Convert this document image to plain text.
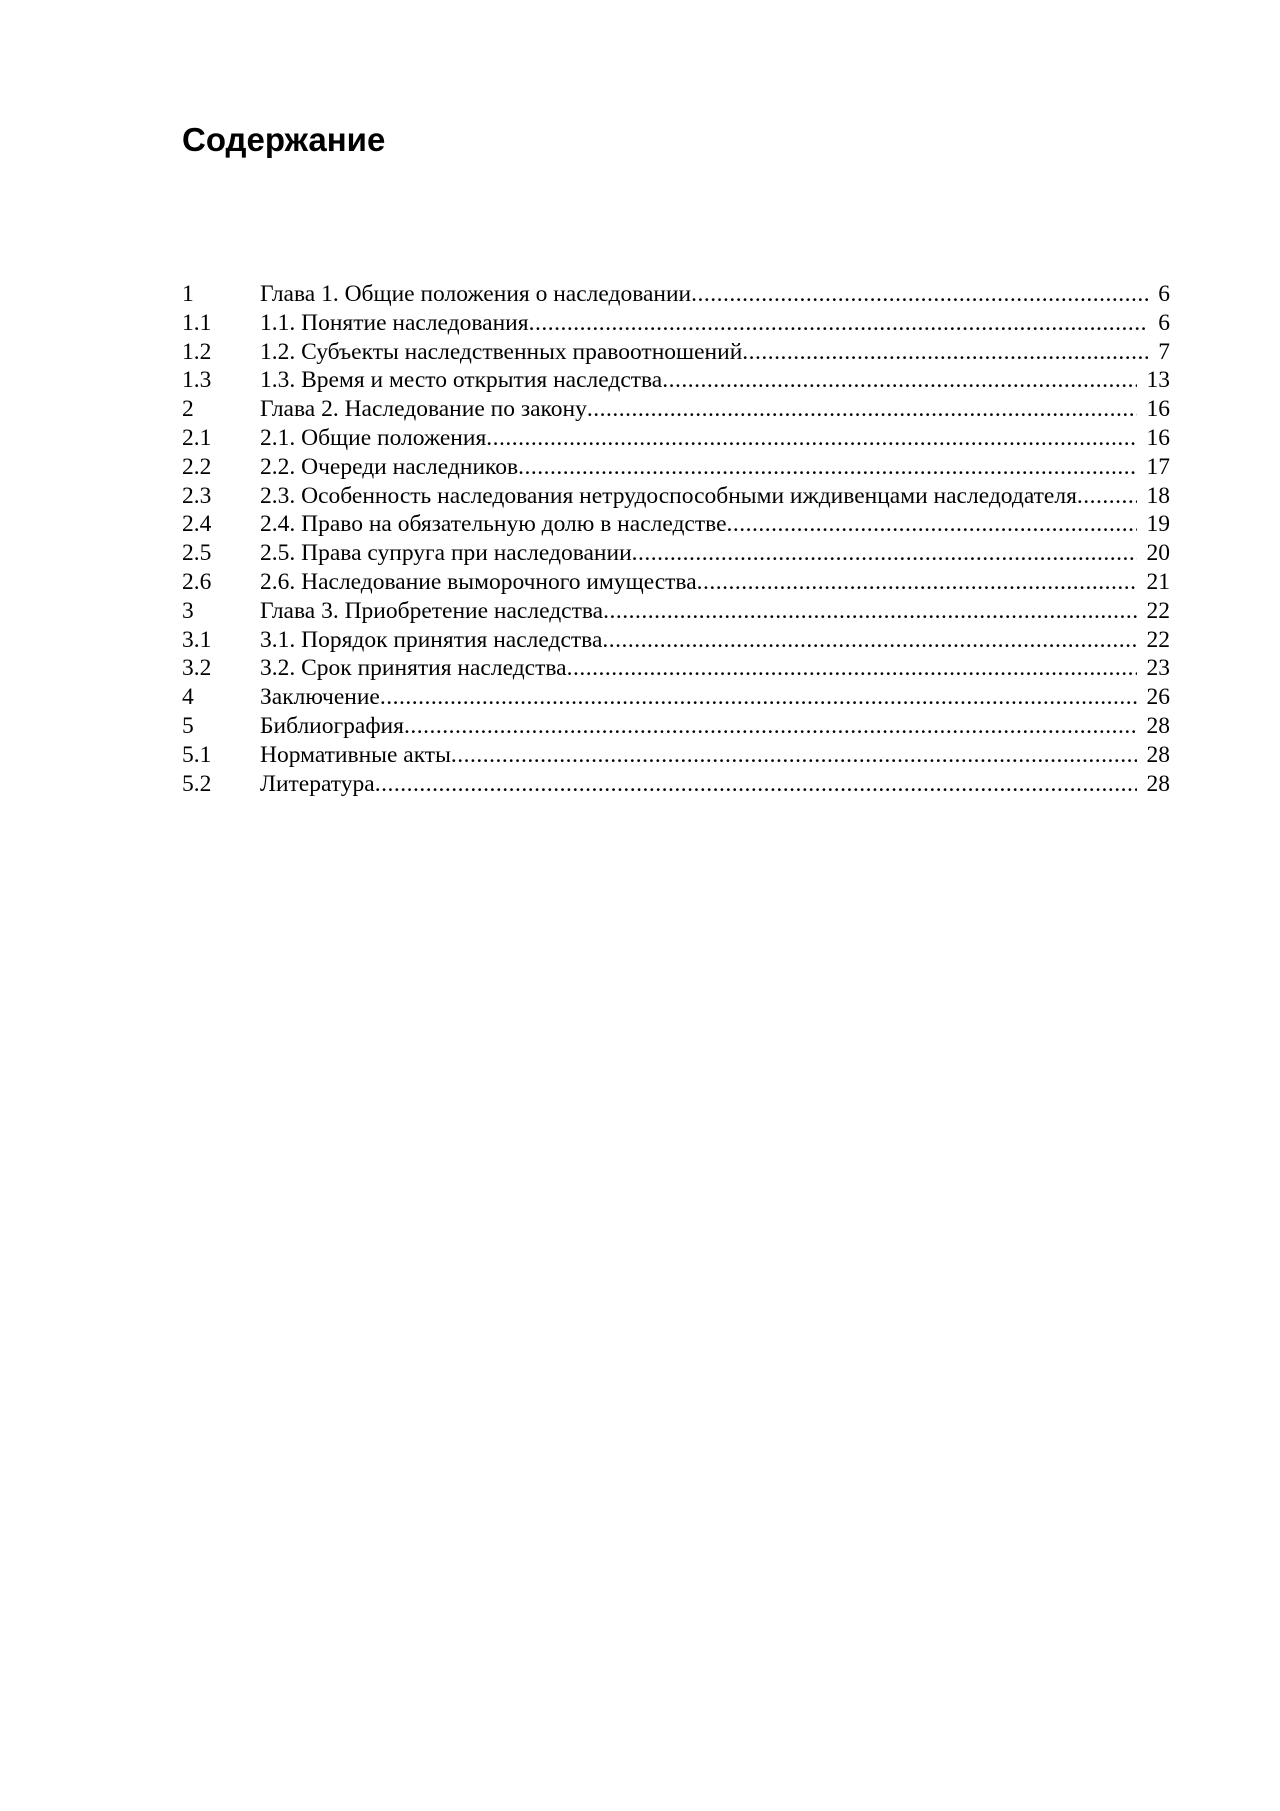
Содержание
1	Глава 1. Общие положения о наследовании .....	6
1.1	1.1. Понятие наследования .....	6
1.2	1.2. Субъекты наследственных правоотношений .....	7
1.3	1.3. Время и место открытия наследства .....	13
2	Глава 2. Наследование по закону .....	16
2.1	2.1. Общие положения .....	16
2.2	2.2. Очереди наследников .....	17
2.3	2.3. Особенность наследования нетрудоспособными иждивенцами наследодателя .....	18
2.4	2.4. Право на обязательную долю в наследстве .....	19
2.5	2.5. Права супруга при наследовании .....	20
2.6	2.6. Наследование выморочного имущества .....	21
3	Глава 3. Приобретение наследства .....	22
3.1	3.1. Порядок принятия наследства .....	22
3.2	3.2. Срок принятия наследства .....	23
4	Заключение .....	26
5	Библиография .....	28
5.1	Нормативные акты .....	28
5.2	Литература .....	28
